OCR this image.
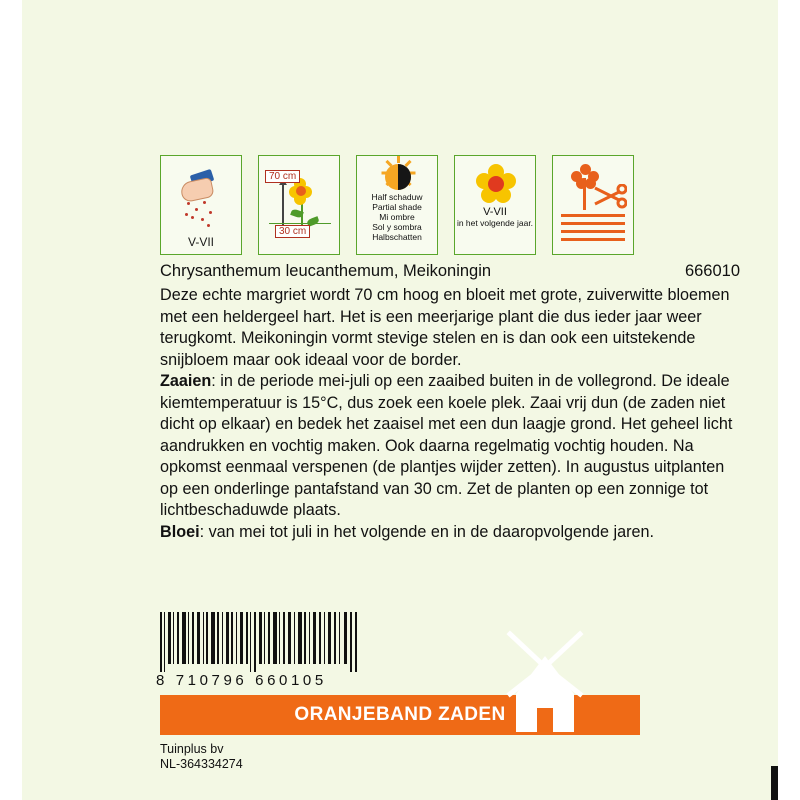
V-VII
70 cm
30 cm
Half schaduw
Partial shade
Mi ombre
Sol y sombra
Halbschatten
V-VII
in het volgende jaar.
Chrysanthemum leucanthemum, Meikoningin	666010

Deze echte margriet wordt 70 cm hoog en bloeit met grote, zuiverwitte bloemen met een heldergeel hart. Het is een meerjarige plant die dus ieder jaar weer terugkomt. Meikoningin vormt stevige stelen en is dan ook een uitstekende snijbloem maar ook ideaal voor de border.

Zaaien: in de periode mei-juli op een zaaibed buiten in de vollegrond. De ideale kiemtemperatuur is 15°C, dus zoek een koele plek. Zaai vrij dun (de zaden niet dicht op elkaar) en bedek het zaaisel met een dun laagje grond. Het geheel licht aandrukken en vochtig maken. Ook daarna regelmatig vochtig houden. Na opkomst eenmaal verspenen (de plantjes wijder zetten). In augustus uitplanten op een onderlinge pantafstand van 30 cm. Zet de planten op een zonnige tot lichtbeschaduwde plaats.

Bloei: van mei tot juli in het volgende en in de daaropvolgende jaren.

8 710796 660105
ORANJEBAND ZADEN
Tuinplus bv
NL-364334274
